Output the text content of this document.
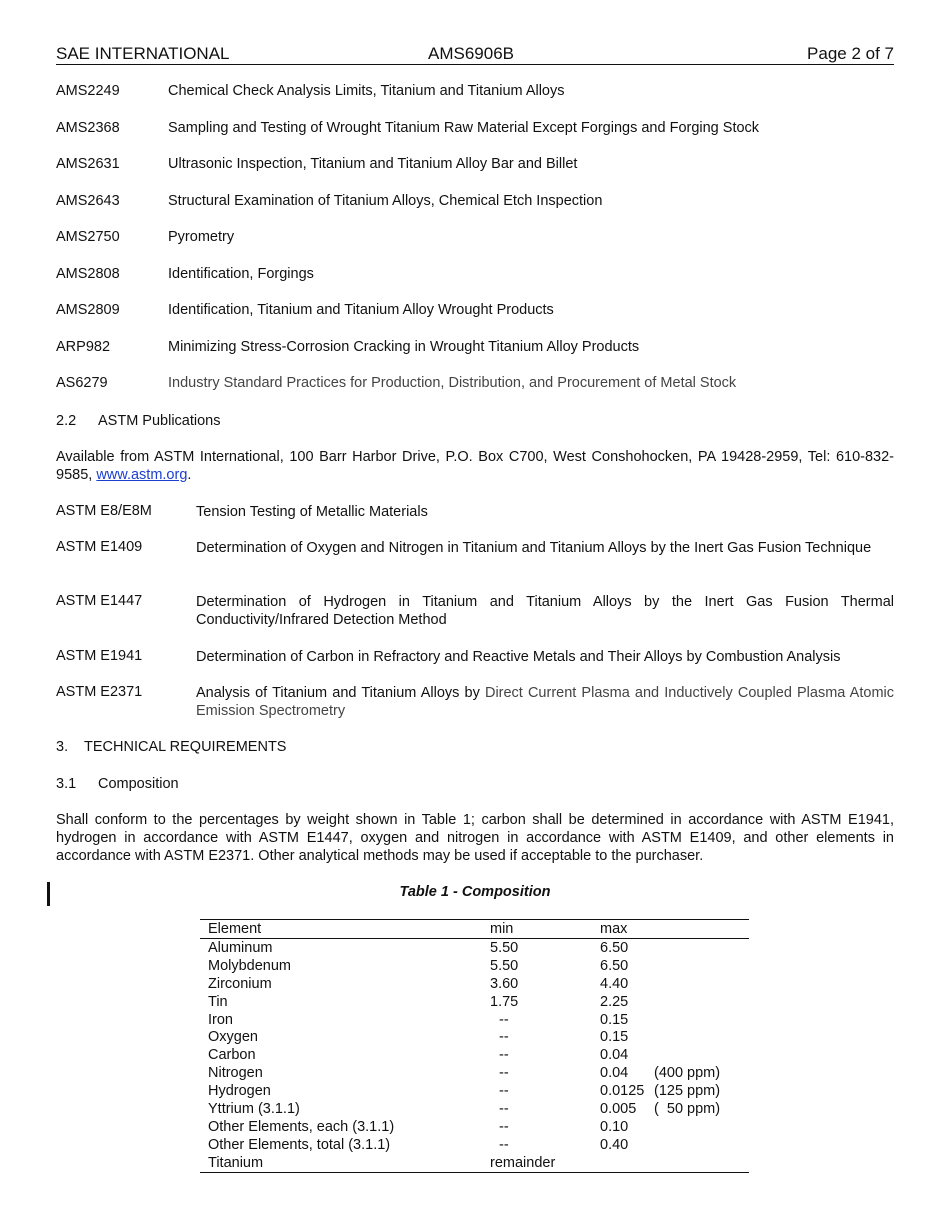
SAE INTERNATIONAL	AMS6906B	Page 2 of 7
AMS2249	Chemical Check Analysis Limits, Titanium and Titanium Alloys
AMS2368	Sampling and Testing of Wrought Titanium Raw Material Except Forgings and Forging Stock
AMS2631	Ultrasonic Inspection, Titanium and Titanium Alloy Bar and Billet
AMS2643	Structural Examination of Titanium Alloys, Chemical Etch Inspection
AMS2750	Pyrometry
AMS2808	Identification, Forgings
AMS2809	Identification, Titanium and Titanium Alloy Wrought Products
ARP982	Minimizing Stress-Corrosion Cracking in Wrought Titanium Alloy Products
AS6279	Industry Standard Practices for Production, Distribution, and Procurement of Metal Stock
2.2 ASTM Publications
Available from ASTM International, 100 Barr Harbor Drive, P.O. Box C700, West Conshohocken, PA 19428-2959, Tel: 610-832-9585, www.astm.org.
ASTM E8/E8M	Tension Testing of Metallic Materials
ASTM E1409	Determination of Oxygen and Nitrogen in Titanium and Titanium Alloys by the Inert Gas Fusion Technique
ASTM E1447	Determination of Hydrogen in Titanium and Titanium Alloys by the Inert Gas Fusion Thermal Conductivity/Infrared Detection Method
ASTM E1941	Determination of Carbon in Refractory and Reactive Metals and Their Alloys by Combustion Analysis
ASTM E2371	Analysis of Titanium and Titanium Alloys by Direct Current Plasma and Inductively Coupled Plasma Atomic Emission Spectrometry
3. TECHNICAL REQUIREMENTS
3.1 Composition
Shall conform to the percentages by weight shown in Table 1; carbon shall be determined in accordance with ASTM E1941, hydrogen in accordance with ASTM E1447, oxygen and nitrogen in accordance with ASTM E1409, and other elements in accordance with ASTM E2371. Other analytical methods may be used if acceptable to the purchaser.
Table 1 - Composition
Element	min	max
Aluminum	5.50	6.50
Molybdenum	5.50	6.50
Zirconium	3.60	4.40
Tin	1.75	2.25
Iron	--	0.15
Oxygen	--	0.15
Carbon	--	0.04
Nitrogen	--	0.04 (400 ppm)
Hydrogen	--	0.0125 (125 ppm)
Yttrium (3.1.1)	--	0.005 (  50 ppm)
Other Elements, each (3.1.1)	--	0.10
Other Elements, total (3.1.1)	--	0.40
Titanium	remainder
